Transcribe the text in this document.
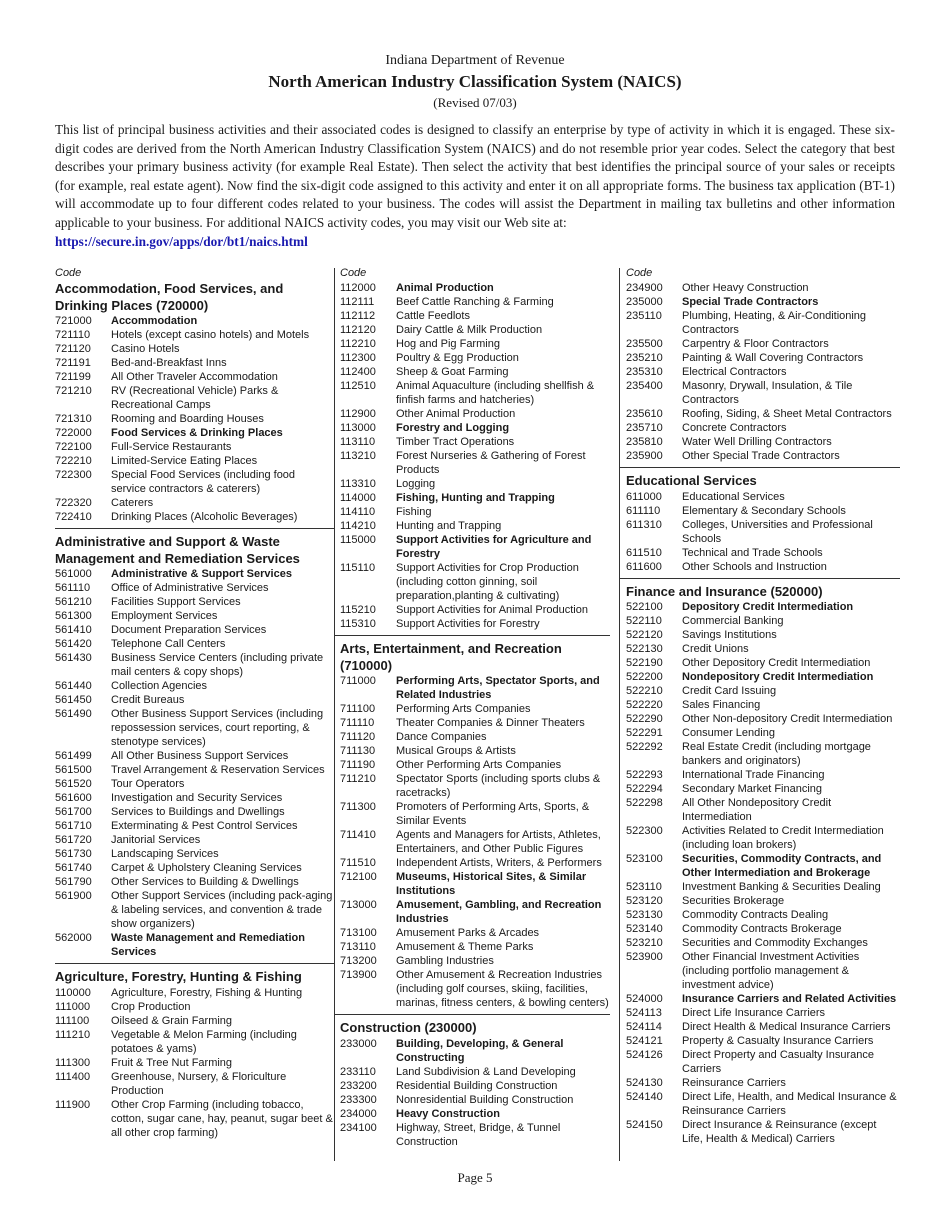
Indiana Department of Revenue
North American Industry Classification System (NAICS)
(Revised 07/03)
This list of principal business activities and their associated codes is designed to classify an enterprise by type of activity in which it is engaged. These six-digit codes are derived from the North American Industry Classification System (NAICS) and do not resemble prior year codes. Select the category that best describes your primary business activity (for example Real Estate). Then select the activity that best identifies the principal source of your sales or receipts (for example, real estate agent). Now find the six-digit code assigned to this activity and enter it on all appropriate forms. The business tax application (BT-1) will accommodate up to four different codes related to your business. The codes will assist the Department in mailing tax bulletins and other information applicable to your business. For additional NAICS activity codes, you may visit our Web site at:
https://secure.in.gov/apps/dor/bt1/naics.html
Code
Accommodation, Food Services, and Drinking Places (720000)
721000	Accommodation
721110	Hotels (except casino hotels) and Motels
721120	Casino Hotels
721191	Bed-and-Breakfast Inns
721199	All Other Traveler Accommodation
721210	RV (Recreational Vehicle) Parks & Recreational Camps
721310	Rooming and Boarding Houses
722000	Food Services & Drinking Places
722100	Full-Service Restaurants
722210	Limited-Service Eating Places
722300	Special Food Services (including food service contractors & caterers)
722320	Caterers
722410	Drinking Places (Alcoholic Beverages)
Administrative and Support & Waste Management and Remediation Services
561000	Administrative & Support Services
561110	Office of Administrative Services
561210	Facilities Support Services
561300	Employment Services
561410	Document Preparation Services
561420	Telephone Call Centers
561430	Business Service Centers (including private mail centers & copy shops)
561440	Collection Agencies
561450	Credit Bureaus
561490	Other Business Support Services (including repossession services, court reporting, & stenotype services)
561499	All Other Business Support Services
561500	Travel Arrangement & Reservation Services
561520	Tour Operators
561600	Investigation and Security Services
561700	Services to Buildings and Dwellings
561710	Exterminating & Pest Control Services
561720	Janitorial Services
561730	Landscaping Services
561740	Carpet & Upholstery Cleaning Services
561790	Other Services to Building & Dwellings
561900	Other Support Services (including pack-aging & labeling services, and convention & trade show organizers)
562000	Waste Management and Remediation Services
Agriculture, Forestry, Hunting & Fishing
110000	Agriculture, Forestry, Fishing & Hunting
111000	Crop Production
111100	Oilseed & Grain Farming
111210	Vegetable & Melon Farming (including potatoes & yams)
111300	Fruit & Tree Nut Farming
111400	Greenhouse, Nursery, & Floriculture Production
111900	Other Crop Farming (including tobacco, cotton, sugar cane, hay, peanut, sugar beet & all other crop farming)
Code
112000	Animal Production
112111	Beef Cattle Ranching & Farming
112112	Cattle Feedlots
112120	Dairy Cattle & Milk Production
112210	Hog and Pig Farming
112300	Poultry & Egg Production
112400	Sheep & Goat Farming
112510	Animal Aquaculture (including shellfish & finfish farms and hatcheries)
112900	Other Animal Production
113000	Forestry and Logging
113110	Timber Tract Operations
113210	Forest Nurseries & Gathering of Forest Products
113310	Logging
114000	Fishing, Hunting and Trapping
114110	Fishing
114210	Hunting and Trapping
115000	Support Activities for Agriculture and Forestry
115110	Support Activities for Crop Production (including cotton ginning, soil preparation,planting & cultivating)
115210	Support Activities for Animal Production
115310	Support Activities for Forestry
Arts, Entertainment, and Recreation (710000)
711000	Performing Arts, Spectator Sports, and Related Industries
711100	Performing Arts Companies
711110	Theater Companies & Dinner Theaters
711120	Dance Companies
711130	Musical Groups & Artists
711190	Other Performing Arts Companies
711210	Spectator Sports (including sports clubs & racetracks)
711300	Promoters of Performing Arts, Sports, & Similar Events
711410	Agents and Managers for Artists, Athletes, Entertainers, and Other Public Figures
711510	Independent Artists, Writers, & Performers
712100	Museums, Historical Sites, & Similar Institutions
713000	Amusement, Gambling, and Recreation Industries
713100	Amusement Parks & Arcades
713110	Amusement & Theme Parks
713200	Gambling Industries
713900	Other Amusement & Recreation Industries (including golf courses, skiing, facilities, marinas, fitness centers, & bowling centers)
Construction (230000)
233000	Building, Developing, & General Constructing
233110	Land Subdivision & Land Developing
233200	Residential Building Construction
233300	Nonresidential Building Construction
234000	Heavy Construction
234100	Highway, Street, Bridge, & Tunnel Construction
Code
234900	Other Heavy Construction
235000	Special Trade Contractors
235110	Plumbing, Heating, & Air-Conditioning Contractors
235500	Carpentry & Floor Contractors
235210	Painting & Wall Covering Contractors
235310	Electrical Contractors
235400	Masonry, Drywall, Insulation, & Tile Contractors
235610	Roofing, Siding, & Sheet Metal Contractors
235710	Concrete Contractors
235810	Water Well Drilling Contractors
235900	Other Special Trade Contractors
Educational Services
611000	Educational Services
611110	Elementary & Secondary Schools
611310	Colleges, Universities and Professional Schools
611510	Technical and Trade Schools
611600	Other Schools and Instruction
Finance and Insurance (520000)
522100	Depository Credit Intermediation
522110	Commercial Banking
522120	Savings Institutions
522130	Credit Unions
522190	Other Depository Credit Intermediation
522200	Nondepository Credit Intermediation
522210	Credit Card Issuing
522220	Sales Financing
522290	Other Non-depository Credit Intermediation
522291	Consumer Lending
522292	Real Estate Credit (including mortgage bankers and originators)
522293	International Trade Financing
522294	Secondary Market Financing
522298	All Other Nondepository Credit Intermediation
522300	Activities Related to Credit Intermediation (including loan brokers)
523100	Securities, Commodity Contracts, and Other Intermediation and Brokerage
523110	Investment Banking & Securities Dealing
523120	Securities Brokerage
523130	Commodity Contracts Dealing
523140	Commodity Contracts Brokerage
523210	Securities and Commodity Exchanges
523900	Other Financial Investment Activities (including portfolio management & investment advice)
524000	Insurance Carriers and Related Activities
524113	Direct Life Insurance Carriers
524114	Direct Health & Medical Insurance Carriers
524121	Property & Casualty Insurance Carriers
524126	Direct Property and Casualty Insurance Carriers
524130	Reinsurance Carriers
524140	Direct Life, Health, and Medical Insurance & Reinsurance Carriers
524150	Direct Insurance & Reinsurance (except Life, Health & Medical) Carriers
Page 5
